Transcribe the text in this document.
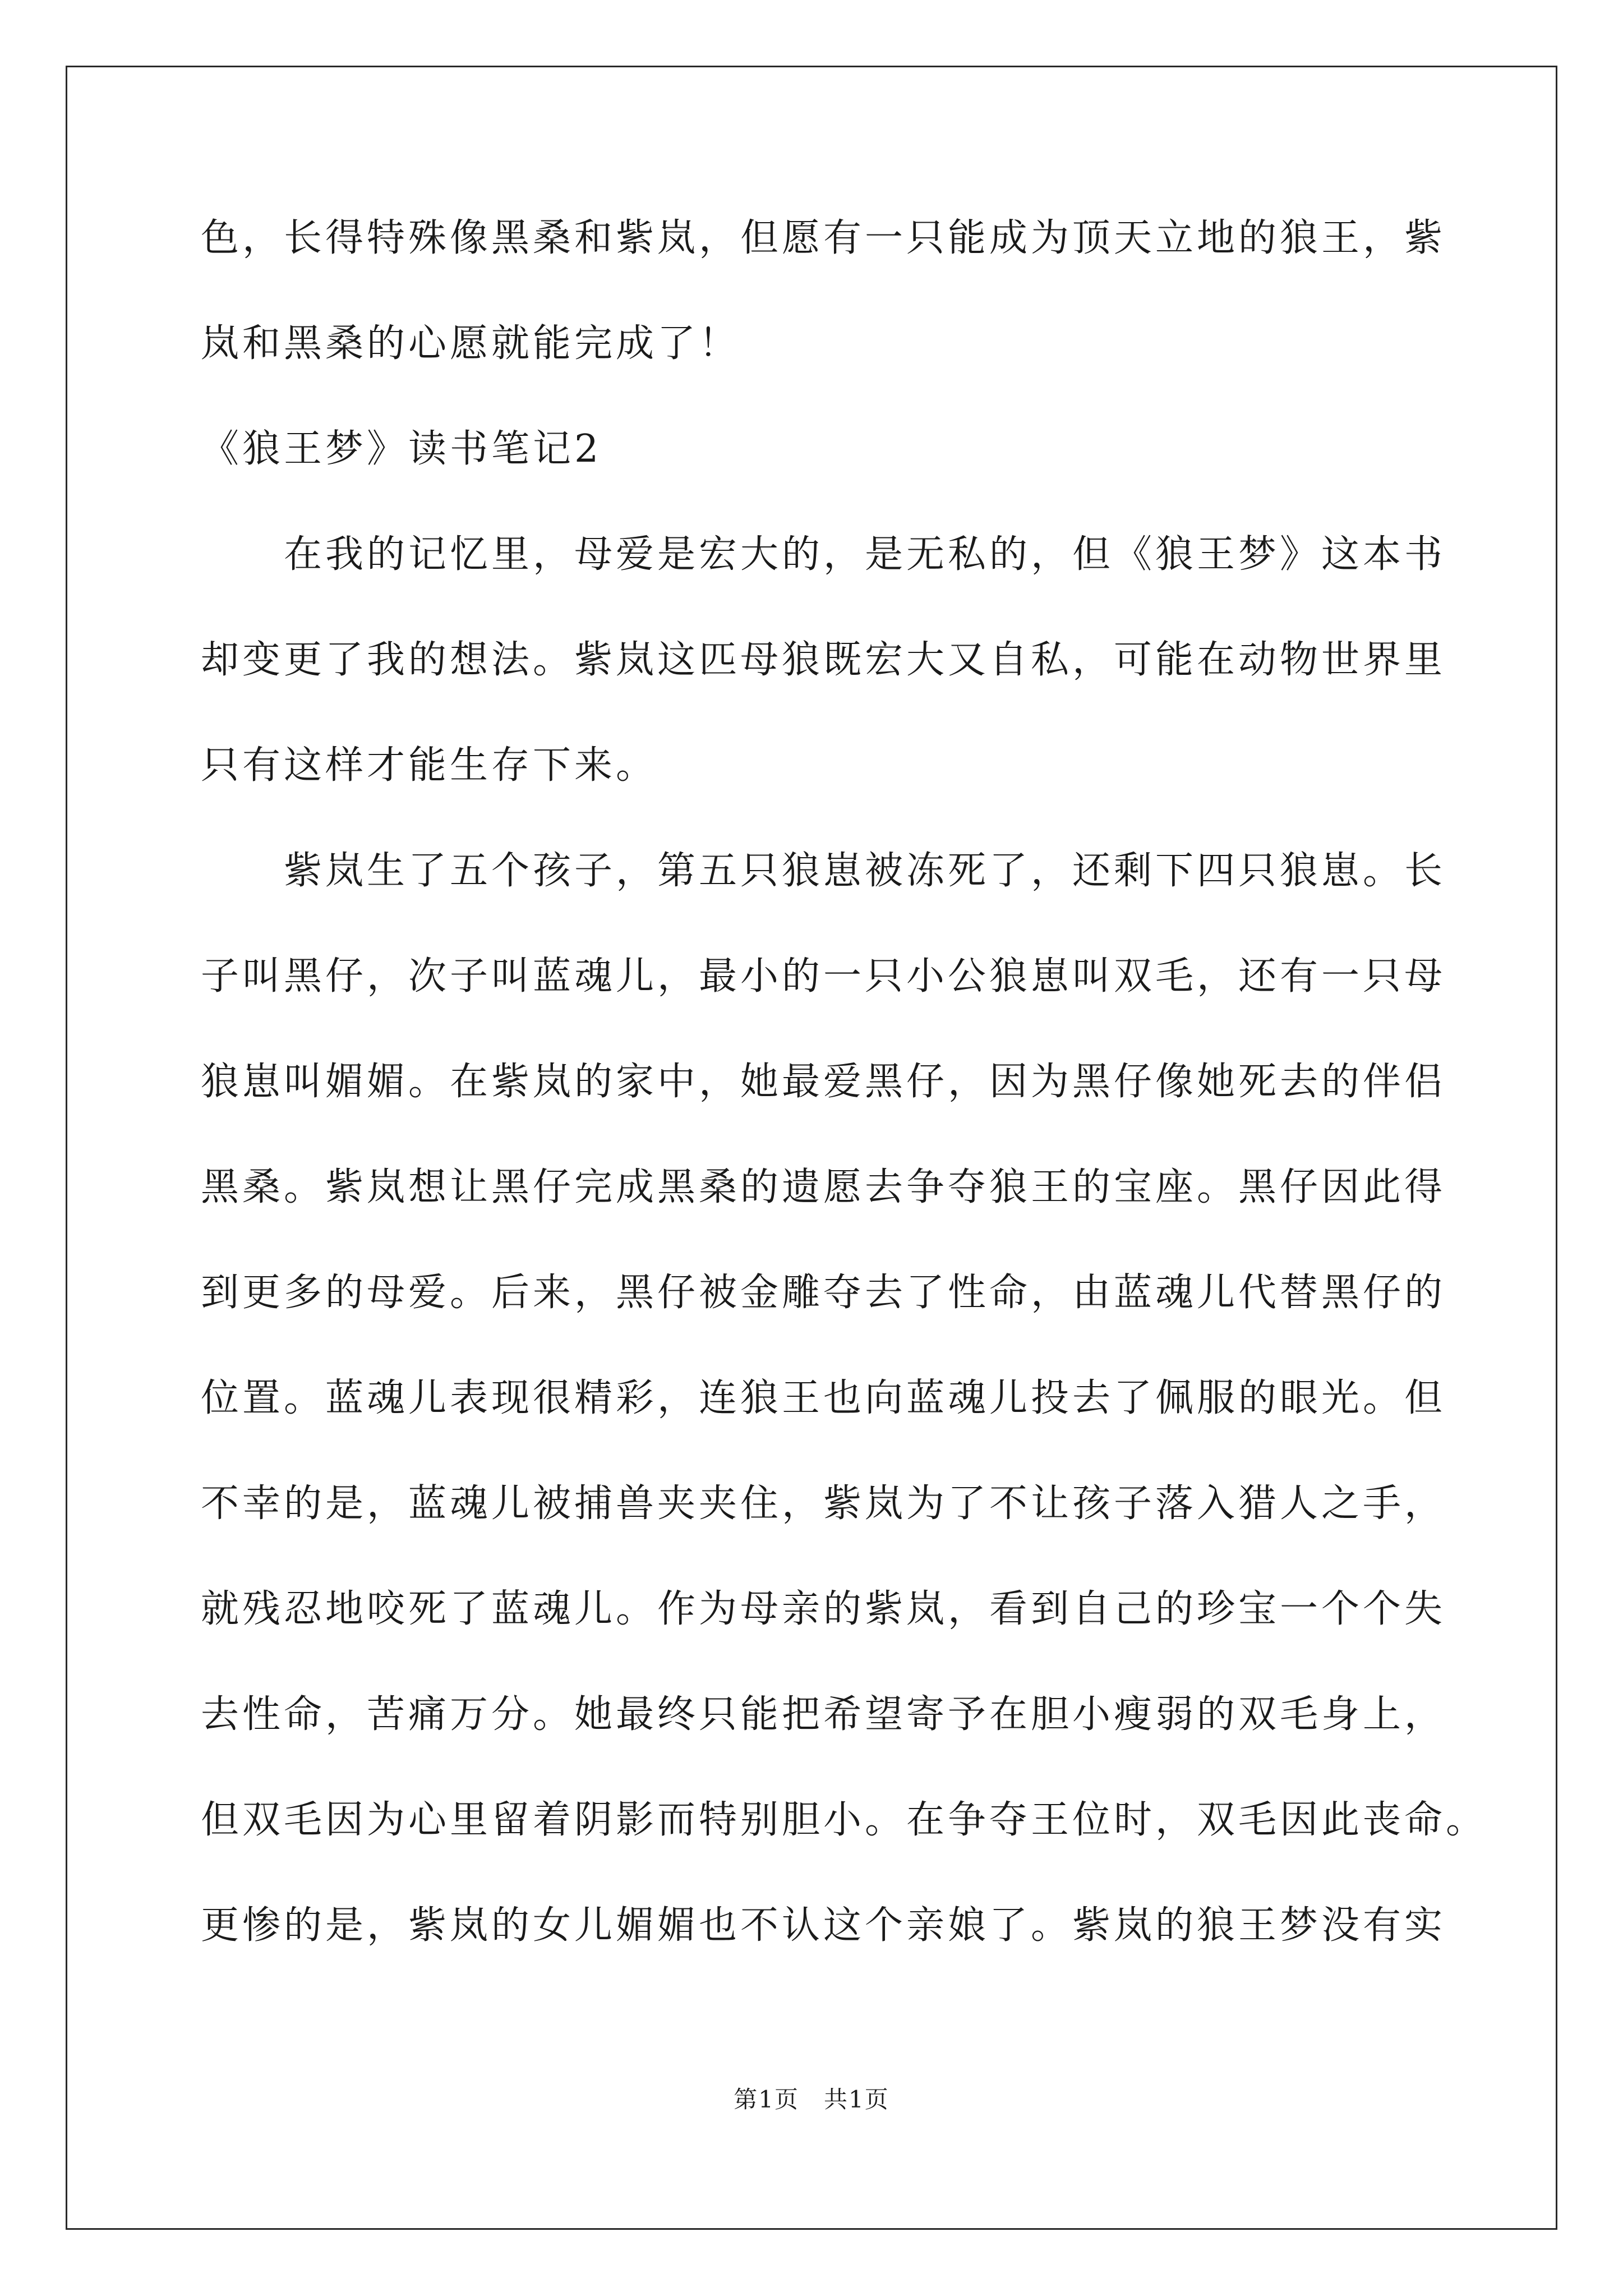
色，长得特殊像黑桑和紫岚，但愿有一只能成为顶天立地的狼王，紫
岚和黑桑的心愿就能完成了！
《狼王梦》读书笔记2
　　在我的记忆里，母爱是宏大的，是无私的，但《狼王梦》这本书
却变更了我的想法。紫岚这匹母狼既宏大又自私，可能在动物世界里
只有这样才能生存下来。
　　紫岚生了五个孩子，第五只狼崽被冻死了，还剩下四只狼崽。长
子叫黑仔，次子叫蓝魂儿，最小的一只小公狼崽叫双毛，还有一只母
狼崽叫媚媚。在紫岚的家中，她最爱黑仔，因为黑仔像她死去的伴侣
黑桑。紫岚想让黑仔完成黑桑的遗愿去争夺狼王的宝座。黑仔因此得
到更多的母爱。后来，黑仔被金雕夺去了性命，由蓝魂儿代替黑仔的
位置。蓝魂儿表现很精彩，连狼王也向蓝魂儿投去了佩服的眼光。但
不幸的是，蓝魂儿被捕兽夹夹住，紫岚为了不让孩子落入猎人之手，
就残忍地咬死了蓝魂儿。作为母亲的紫岚，看到自己的珍宝一个个失
去性命，苦痛万分。她最终只能把希望寄予在胆小瘦弱的双毛身上，
但双毛因为心里留着阴影而特别胆小。在争夺王位时，双毛因此丧命。
更惨的是，紫岚的女儿媚媚也不认这个亲娘了。紫岚的狼王梦没有实
第1页　共1页
